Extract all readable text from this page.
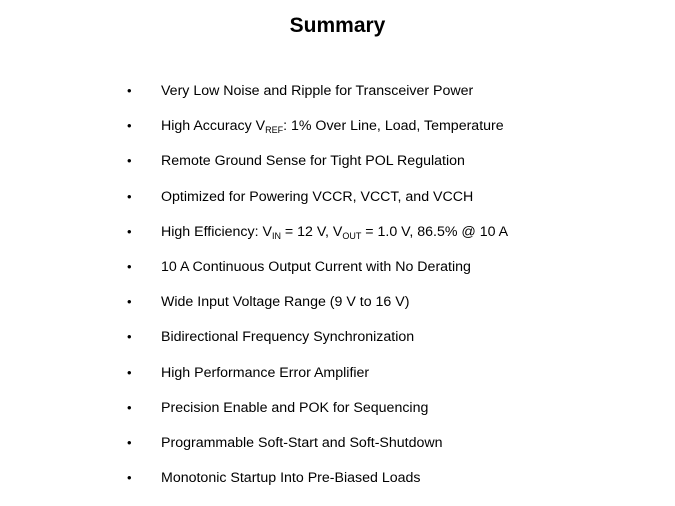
Summary
•	Very Low Noise and Ripple for Transceiver Power
•	High Accuracy $V_{REF}$: 1% Over Line, Load, Temperature
•	Remote Ground Sense for Tight POL Regulation
•	Optimized for Powering VCCR, VCCT, and VCCH
•	High Efficiency: $V_{IN} = 12$ V, $V_{OUT} = 1.0$ V, 86.5% @ 10 A
•	10 A Continuous Output Current with No Derating
•	Wide Input Voltage Range (9 V to 16 V)
•	Bidirectional Frequency Synchronization
•	High Performance Error Amplifier
•	Precision Enable and POK for Sequencing
•	Programmable Soft-Start and Soft-Shutdown
•	Monotonic Startup Into Pre-Biased Loads
